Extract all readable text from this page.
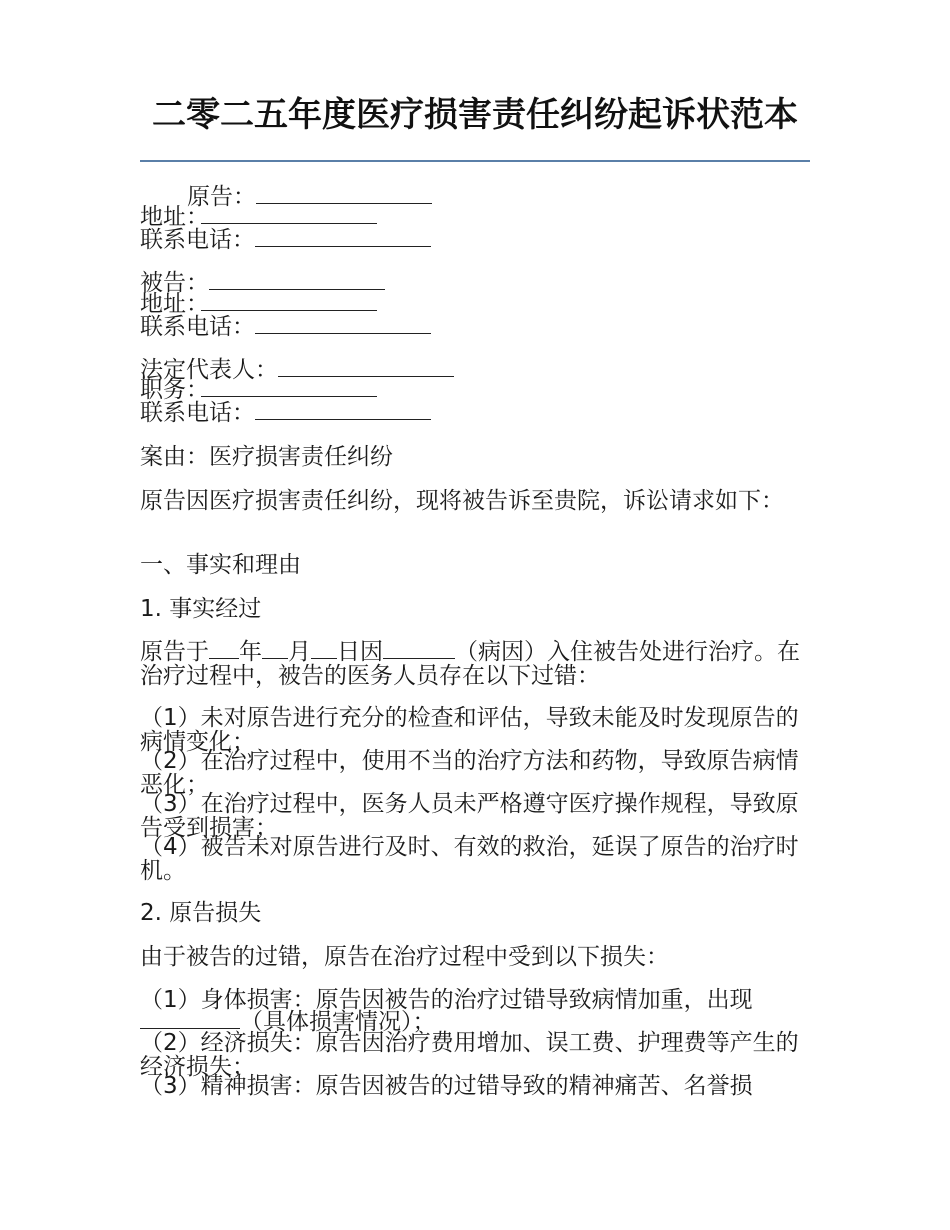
二零二五年度医疗损害责任纠纷起诉状范本
原告：
地址：
联系电话：
被告：
地址：
联系电话：
法定代表人：
职务：
联系电话：
案由：医疗损害责任纠纷
原告因医疗损害责任纠纷，现将被告诉至贵院，诉讼请求如下：
一、事实和理由
1. 事实经过
原告于 年 月 日因	（病因）入住被告处进行治疗。在治疗过程中，被告的医务人员存在以下过错：
（1）未对原告进行充分的检查和评估，导致未能及时发现原告的病情变化；
（2）在治疗过程中，使用不当的治疗方法和药物，导致原告病情恶化；
（3）在治疗过程中，医务人员未严格遵守医疗操作规程，导致原告受到损害；
（4）被告未对原告进行及时、有效的救治，延误了原告的治疗时机。
2. 原告损失
由于被告的过错，原告在治疗过程中受到以下损失：
（1）身体损害：原告因被告的治疗过错导致病情加重，出现
（具体损害情况）；
（2）经济损失：原告因治疗费用增加、误工费、护理费等产生的经济损失；
（3）精神损害：原告因被告的过错导致的精神痛苦、名誉损
